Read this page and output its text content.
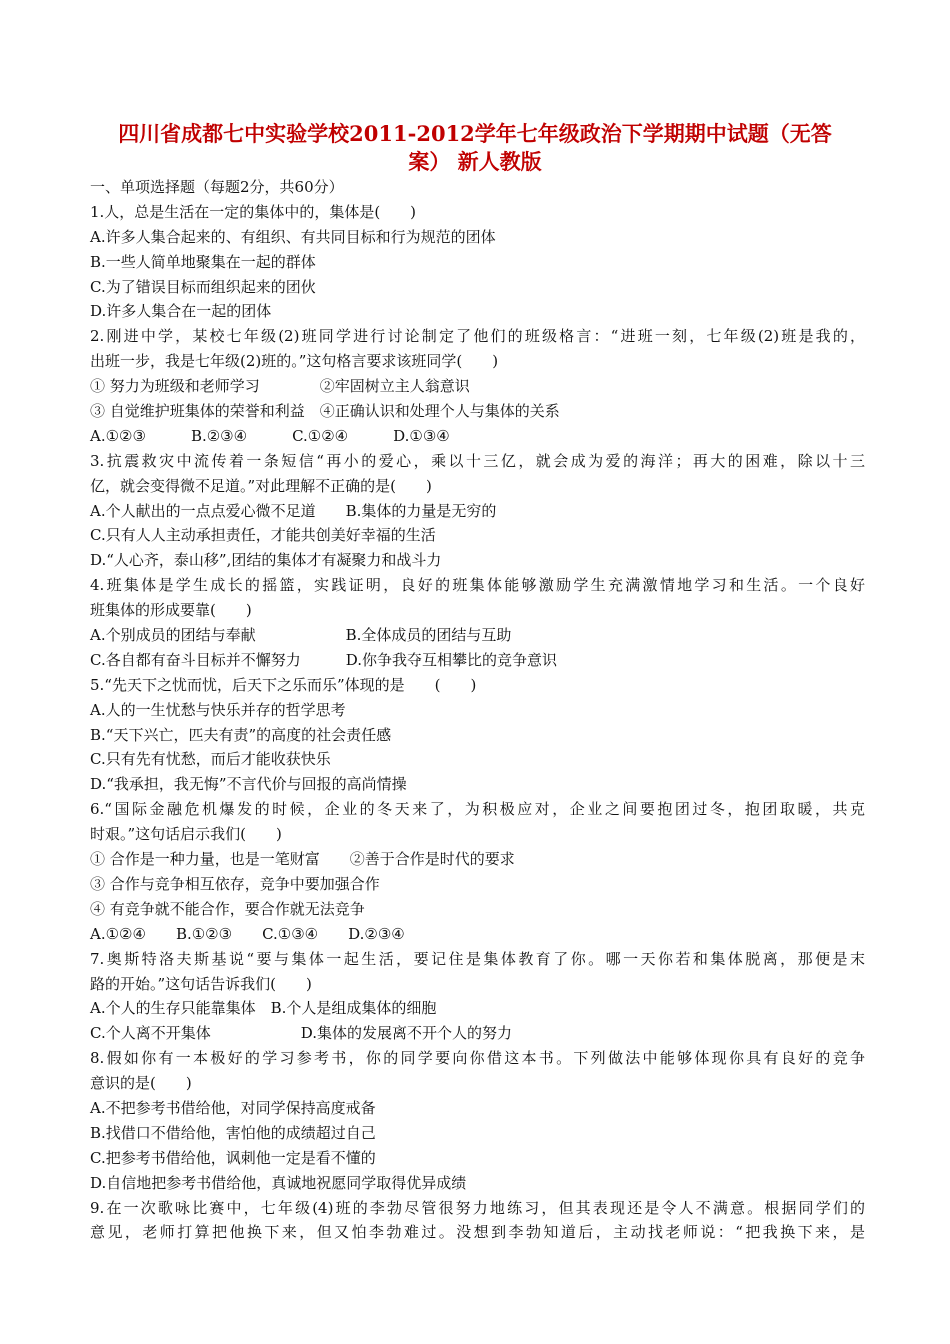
四川省成都七中实验学校2011-2012学年七年级政治下学期期中试题（无答
案） 新人教版
一、单项选择题（每题2分，共60分）
1.人，总是生活在一定的集体中的，集体是(　　)
A.许多人集合起来的、有组织、有共同目标和行为规范的团体
B.一些人简单地聚集在一起的群体
C.为了错误目标而组织起来的团伙
D.许多人集合在一起的团体
2.刚进中学，某校七年级(2)班同学进行讨论制定了他们的班级格言：“进班一刻，七年级(2)班是我的，
出班一步，我是七年级(2)班的。”这句格言要求该班同学(　　)
① 努力为班级和老师学习　　　　②牢固树立主人翁意识
③ 自觉维护班集体的荣誉和利益　④正确认识和处理个人与集体的关系
A.①②③　　　B.②③④　　　C.①②④　　　D.①③④
3.抗震救灾中流传着一条短信“再小的爱心，乘以十三亿，就会成为爱的海洋；再大的困难，除以十三
亿，就会变得微不足道。”对此理解不正确的是(　　)
A.个人献出的一点点爱心微不足道　　B.集体的力量是无穷的
C.只有人人主动承担责任，才能共创美好幸福的生活
D.“人心齐，泰山移”,团结的集体才有凝聚力和战斗力
4.班集体是学生成长的摇篮，实践证明，良好的班集体能够激励学生充满激情地学习和生活。一个良好
班集体的形成要靠(　　)
A.个别成员的团结与奉献　　　　　　B.全体成员的团结与互助
C.各自都有奋斗目标并不懈努力　　　D.你争我夺互相攀比的竞争意识
5.“先天下之忧而忧，后天下之乐而乐”体现的是　　(　　)
A.人的一生忧愁与快乐并存的哲学思考
B.“天下兴亡，匹夫有责”的高度的社会责任感
C.只有先有忧愁，而后才能收获快乐
D.“我承担，我无悔”不言代价与回报的高尚情操
6.“国际金融危机爆发的时候，企业的冬天来了，为积极应对，企业之间要抱团过冬，抱团取暖，共克
时艰。”这句话启示我们(　　)
① 合作是一种力量，也是一笔财富　　②善于合作是时代的要求
③ 合作与竞争相互依存，竞争中要加强合作
④ 有竞争就不能合作，要合作就无法竞争
A.①②④　　B.①②③　　C.①③④　　D.②③④
7.奥斯特洛夫斯基说“要与集体一起生活，要记住是集体教育了你。哪一天你若和集体脱离，那便是末
路的开始。”这句话告诉我们(　　)
A.个人的生存只能靠集体　B.个人是组成集体的细胞
C.个人离不开集体　　　　　　D.集体的发展离不开个人的努力
8.假如你有一本极好的学习参考书，你的同学要向你借这本书。下列做法中能够体现你具有良好的竞争
意识的是(　　)
A.不把参考书借给他，对同学保持高度戒备
B.找借口不借给他，害怕他的成绩超过自己
C.把参考书借给他，讽刺他一定是看不懂的
D.自信地把参考书借给他，真诚地祝愿同学取得优异成绩
9.在一次歌咏比赛中，七年级(4)班的李勃尽管很努力地练习，但其表现还是令人不满意。根据同学们的
意见，老师打算把他换下来，但又怕李勃难过。没想到李勃知道后，主动找老师说：“把我换下来，是
